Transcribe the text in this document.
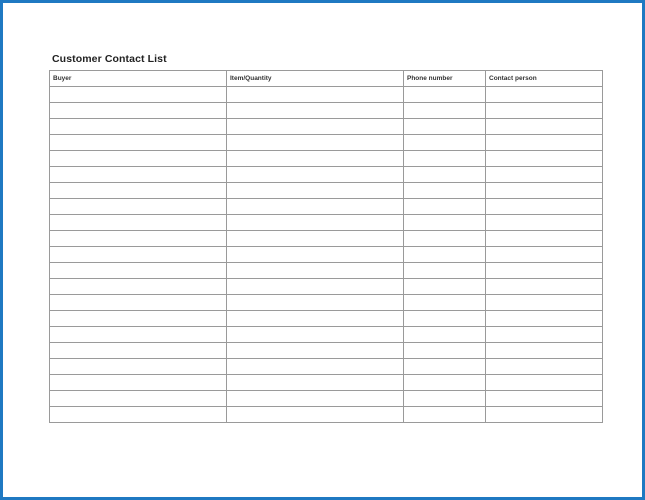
Customer Contact List
Buyer	Item/Quantity	Phone number	Contact person
